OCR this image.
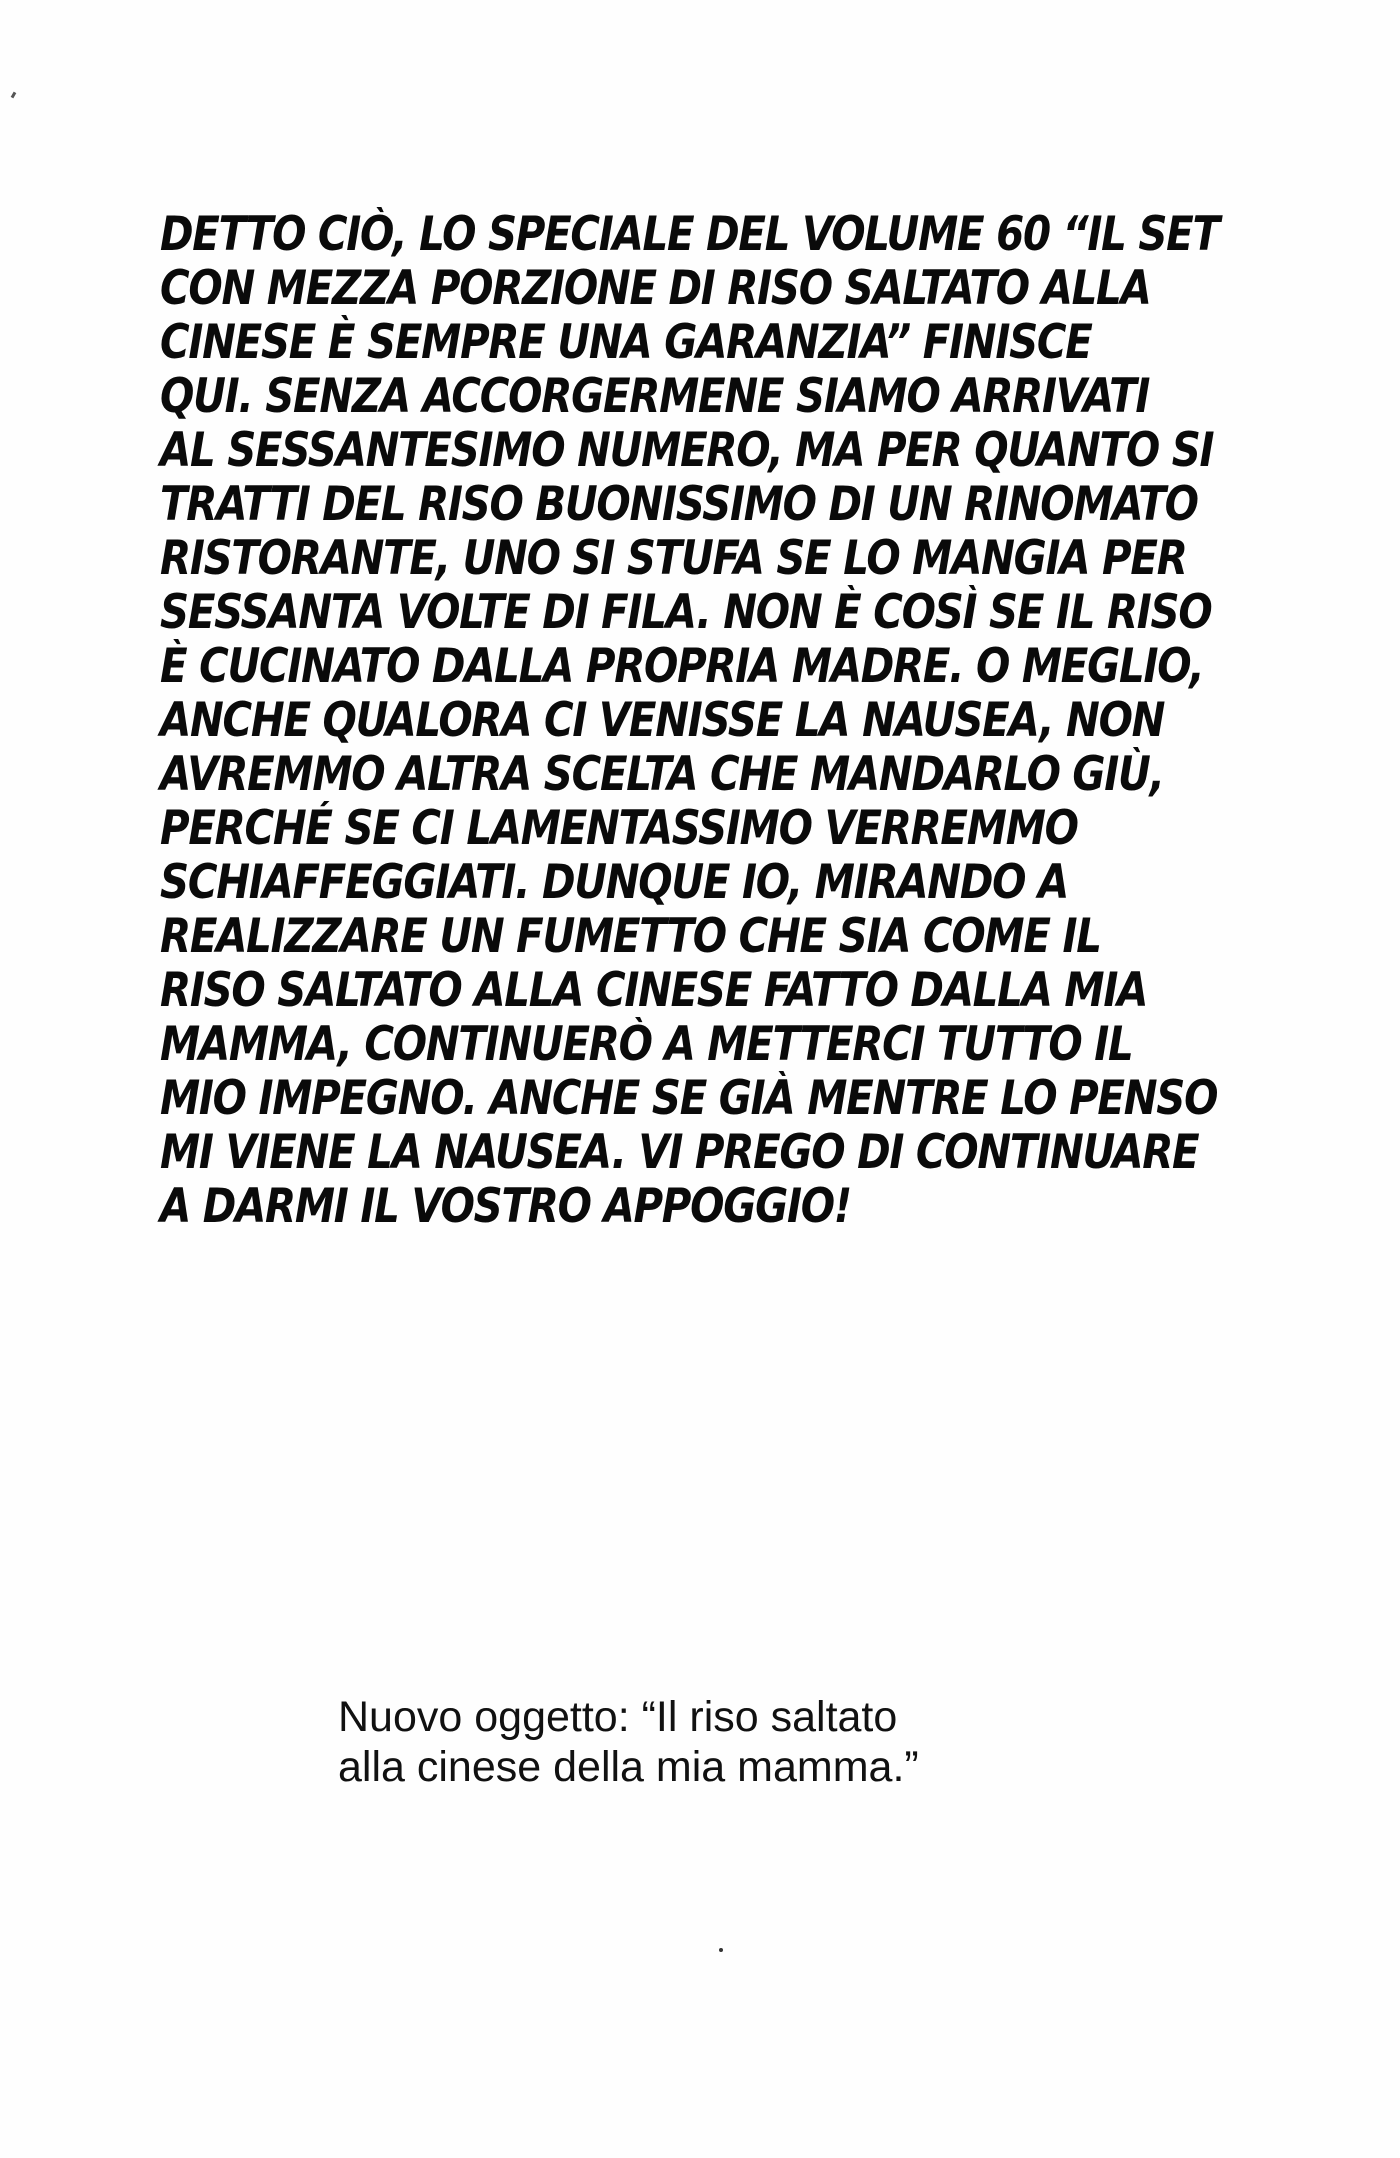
DETTO CIÒ, LO SPECIALE DEL VOLUME 60 “IL SET

CON MEZZA PORZIONE DI RISO SALTATO ALLA

CINESE È SEMPRE UNA GARANZIA” FINISCE

QUI. SENZA ACCORGERMENE SIAMO ARRIVATI

AL SESSANTESIMO NUMERO, MA PER QUANTO SI

TRATTI DEL RISO BUONISSIMO DI UN RINOMATO

RISTORANTE, UNO SI STUFA SE LO MANGIA PER

SESSANTA VOLTE DI FILA. NON È COSÌ SE IL RISO

È CUCINATO DALLA PROPRIA MADRE. O MEGLIO,

ANCHE QUALORA CI VENISSE LA NAUSEA, NON

AVREMMO ALTRA SCELTA CHE MANDARLO GIÙ,

PERCHÉ SE CI LAMENTASSIMO VERREMMO

SCHIAFFEGGIATI. DUNQUE IO, MIRANDO A

REALIZZARE UN FUMETTO CHE SIA COME IL

RISO SALTATO ALLA CINESE FATTO DALLA MIA

MAMMA, CONTINUERÒ A METTERCI TUTTO IL

MIO IMPEGNO. ANCHE SE GIÀ MENTRE LO PENSO

MI VIENE LA NAUSEA. VI PREGO DI CONTINUARE

A DARMI IL VOSTRO APPOGGIO!

Nuovo oggetto: “Il riso saltato

alla cinese della mia mamma.”
